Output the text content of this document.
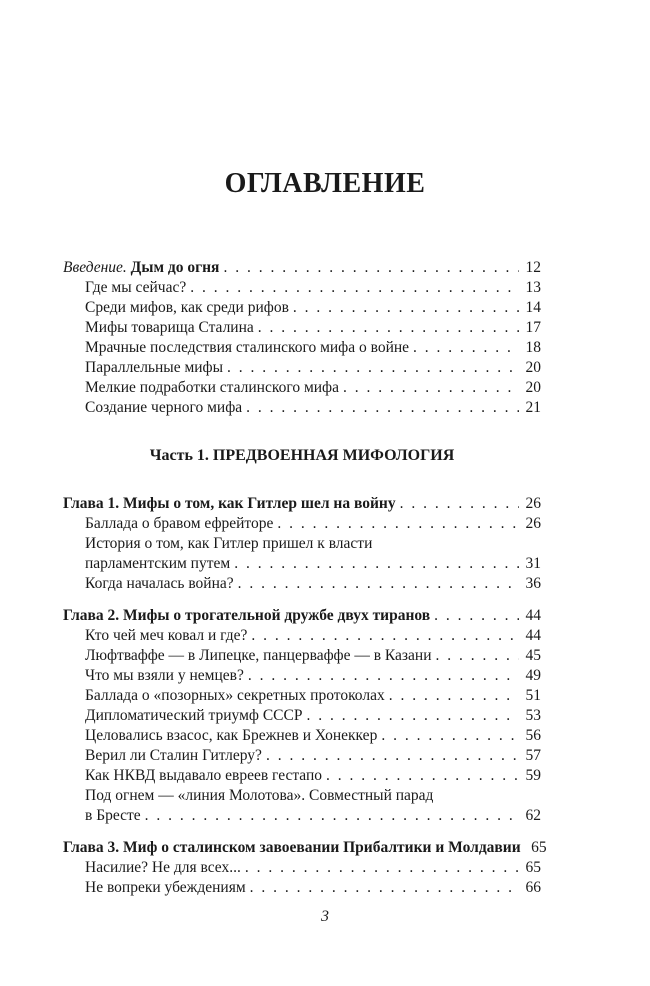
ОГЛАВЛЕНИЕ
Введение. Дым до огня . . .	12
Где мы сейчас? . . .	13
Среди мифов, как среди рифов . . .	14
Мифы товарища Сталина . . .	17
Мрачные последствия сталинского мифа о войне . . .	18
Параллельные мифы . . .	20
Мелкие подработки сталинского мифа . . .	20
Создание черного мифа . . .	21
Часть 1. ПРЕДВОЕННАЯ МИФОЛОГИЯ
Глава 1. Мифы о том, как Гитлер шел на войну . . .	26
Баллада о бравом ефрейторе . . .	26
История о том, как Гитлер пришел к власти
парламентским путем . . .	31
Когда началась война? . . .	36
Глава 2. Мифы о трогательной дружбе двух тиранов . . .	44
Кто чей меч ковал и где? . . .	44
Люфтваффе — в Липецке, панцерваффе — в Казани . . .	45
Что мы взяли у немцев? . . .	49
Баллада о «позорных» секретных протоколах . . .	51
Дипломатический триумф СССР . . .	53
Целовались взасос, как Брежнев и Хонеккер . . .	56
Верил ли Сталин Гитлеру? . . .	57
Как НКВД выдавало евреев гестапо . . .	59
Под огнем — «линия Молотова». Совместный парад
в Бресте . . .	62
Глава 3. Миф о сталинском завоевании Прибалтики и Молдавии 65
Насилие? Не для всех... . . .	65
Не вопреки убеждениям . . .	66
3
